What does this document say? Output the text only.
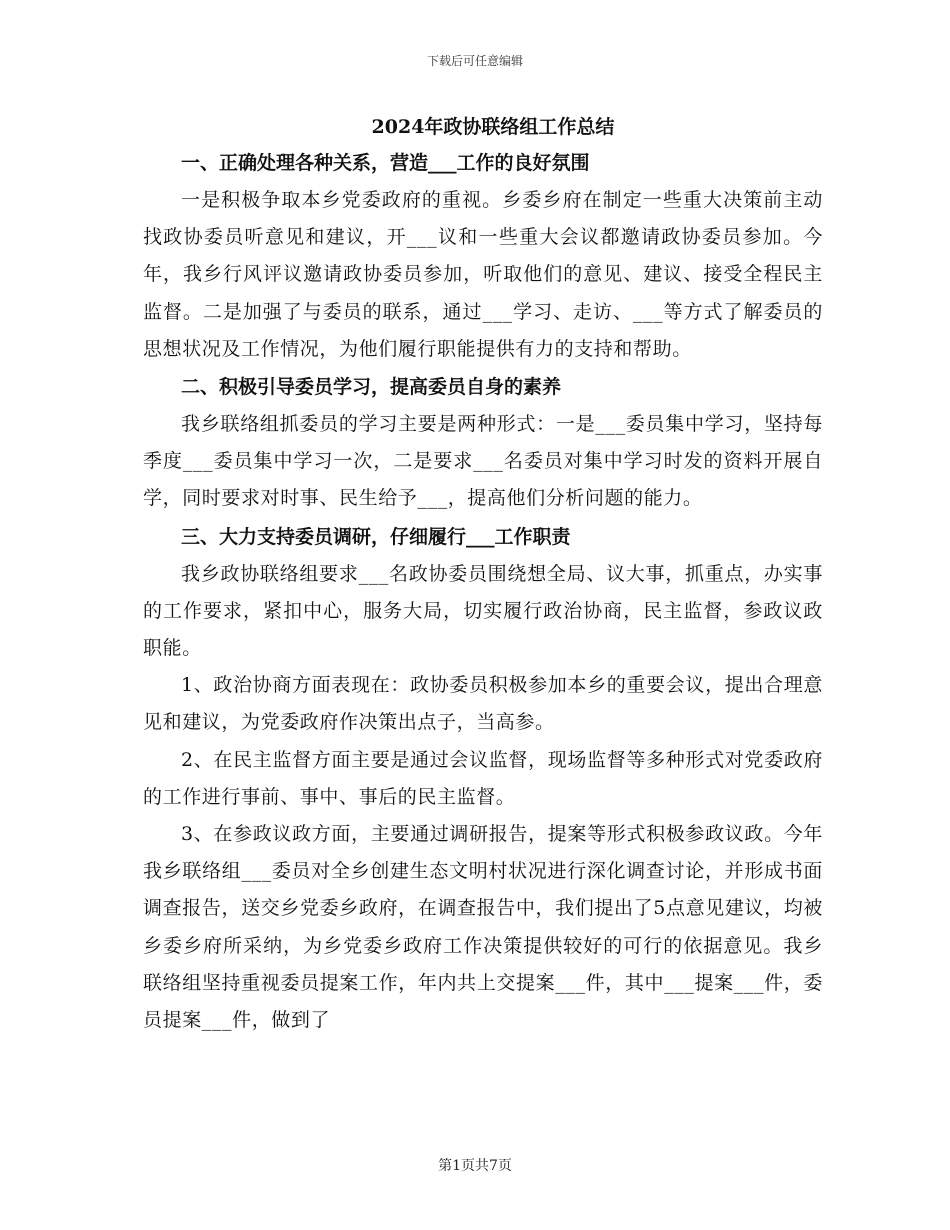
下载后可任意编辑
2024年政协联络组工作总结
一、正确处理各种关系，营造___工作的良好氛围

一是积极争取本乡党委政府的重视。乡委乡府在制定一些重大决策前主动找政协委员听意见和建议，开___议和一些重大会议都邀请政协委员参加。今年，我乡行风评议邀请政协委员参加，听取他们的意见、建议、接受全程民主监督。二是加强了与委员的联系，通过___学习、走访、___等方式了解委员的思想状况及工作情况，为他们履行职能提供有力的支持和帮助。

二、积极引导委员学习，提高委员自身的素养

我乡联络组抓委员的学习主要是两种形式：一是___委员集中学习，坚持每季度___委员集中学习一次，二是要求___名委员对集中学习时发的资料开展自学，同时要求对时事、民生给予___，提高他们分析问题的能力。

三、大力支持委员调研，仔细履行___工作职责

我乡政协联络组要求___名政协委员围绕想全局、议大事，抓重点，办实事的工作要求，紧扣中心，服务大局，切实履行政治协商，民主监督，参政议政职能。

1、政治协商方面表现在：政协委员积极参加本乡的重要会议，提出合理意见和建议，为党委政府作决策出点子，当高参。

2、在民主监督方面主要是通过会议监督，现场监督等多种形式对党委政府的工作进行事前、事中、事后的民主监督。

3、在参政议政方面，主要通过调研报告，提案等形式积极参政议政。今年我乡联络组___委员对全乡创建生态文明村状况进行深化调查讨论，并形成书面调查报告，送交乡党委乡政府，在调查报告中，我们提出了5点意见建议，均被乡委乡府所采纳，为乡党委乡政府工作决策提供较好的可行的依据意见。我乡联络组坚持重视委员提案工作，年内共上交提案___件，其中___提案___件，委员提案___件，做到了

第1页共7页
